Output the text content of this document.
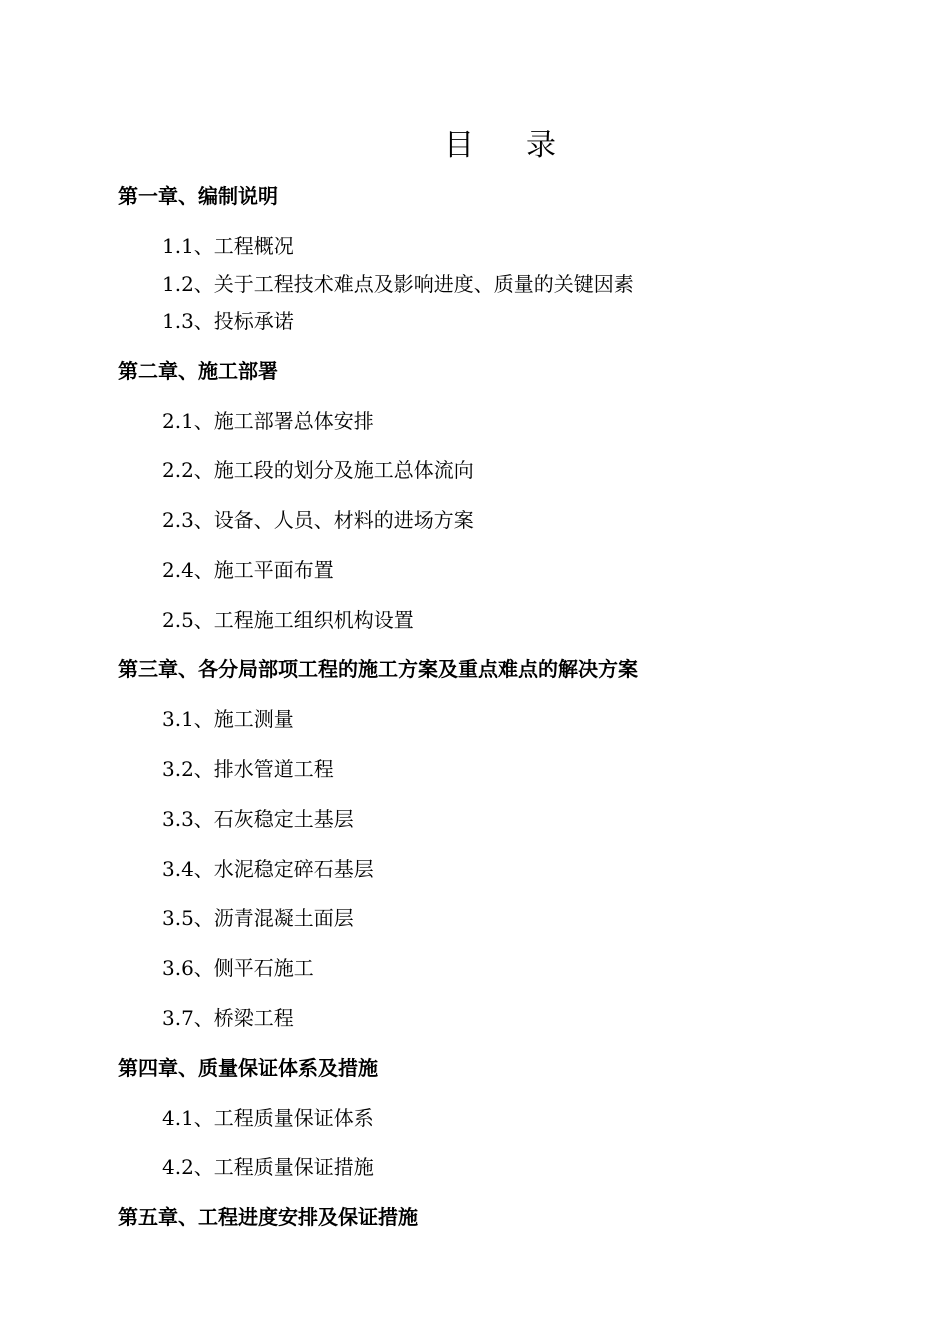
目 录
第一章、编制说明
1.1、工程概况
1.2、关于工程技术难点及影响进度、质量的关键因素
1.3、投标承诺
第二章、施工部署
2.1、施工部署总体安排
2.2、施工段的划分及施工总体流向
2.3、设备、人员、材料的进场方案
2.4、施工平面布置
2.5、工程施工组织机构设置
第三章、各分局部项工程的施工方案及重点难点的解决方案
3.1、施工测量
3.2、排水管道工程
3.3、石灰稳定土基层
3.4、水泥稳定碎石基层
3.5、沥青混凝土面层
3.6、侧平石施工
3.7、桥梁工程
第四章、质量保证体系及措施
4.1、工程质量保证体系
4.2、工程质量保证措施
第五章、工程进度安排及保证措施
